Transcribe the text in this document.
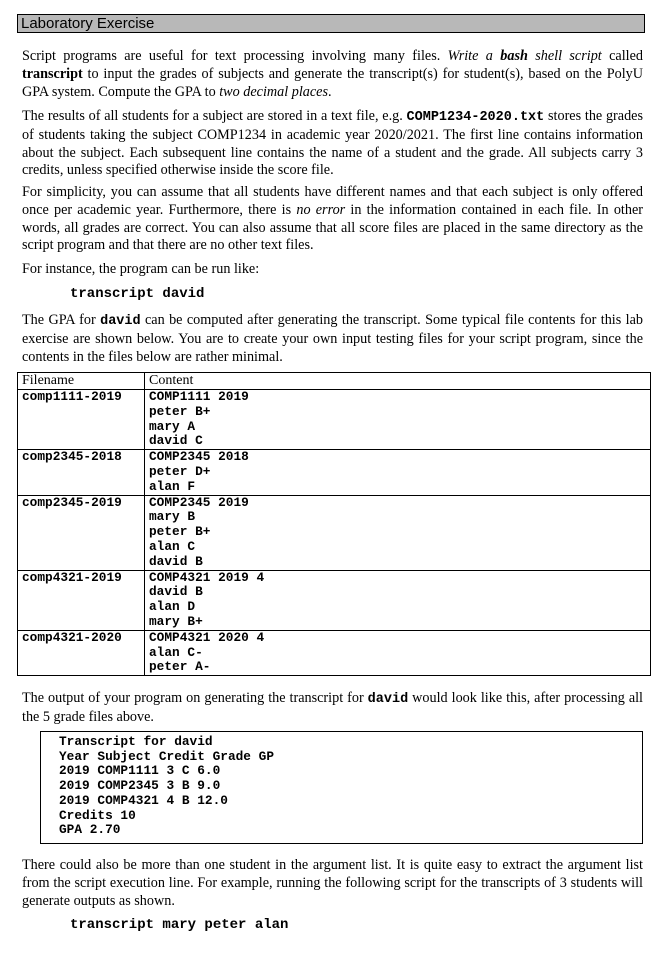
Laboratory Exercise

Script programs are useful for text processing involving many files. Write a bash shell script called transcript to input the grades of subjects and generate the transcript(s) for student(s), based on the PolyU GPA system. Compute the GPA to two decimal places.

The results of all students for a subject are stored in a text file, e.g. COMP1234-2020.txt stores the grades of students taking the subject COMP1234 in academic year 2020/2021. The first line contains information about the subject. Each subsequent line contains the name of a student and the grade. All subjects carry 3 credits, unless specified otherwise inside the score file.

For simplicity, you can assume that all students have different names and that each subject is only offered once per academic year. Furthermore, there is no error in the information contained in each file. In other words, all grades are correct. You can also assume that all score files are placed in the same directory as the script program and that there are no other text files.

For instance, the program can be run like:

transcript david

The GPA for david can be computed after generating the transcript. Some typical file contents for this lab exercise are shown below. You are to create your own input testing files for your script program, since the contents in the files below are rather minimal.

Filename	Content

comp1111-2019	COMP1111 2019
peter B+
mary A
david C

comp2345-2018	COMP2345 2018
peter D+
alan F

comp2345-2019	COMP2345 2019
mary B
peter B+
alan C
david B

comp4321-2019	COMP4321 2019 4
david B
alan D
mary B+

comp4321-2020	COMP4321 2020 4
alan C-
peter A-

The output of your program on generating the transcript for david would look like this, after processing all the 5 grade files above.

Transcript for david
Year Subject Credit Grade GP
2019 COMP1111 3 C 6.0
2019 COMP2345 3 B 9.0
2019 COMP4321 4 B 12.0
Credits 10
GPA 2.70

There could also be more than one student in the argument list. It is quite easy to extract the argument list from the script execution line. For example, running the following script for the transcripts of 3 students will generate outputs as shown.

transcript mary peter alan
